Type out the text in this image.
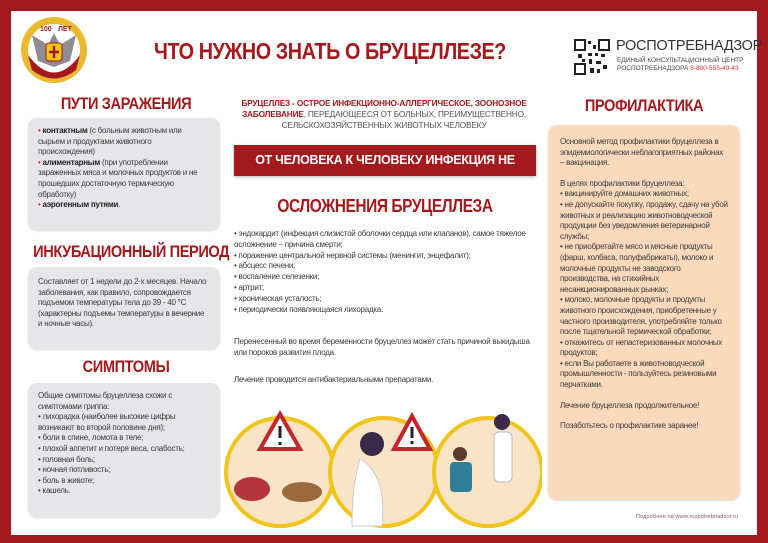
100 ЛЕТ
ЧТО НУЖНО ЗНАТЬ О БРУЦЕЛЛЕЗЕ?	РОСПОТРЕБНАДЗОР
ЕДИНЫЙ КОНСУЛЬТАЦИОННЫЙ ЦЕНТР
РОСПОТРЕБНАДЗОРА 8-800-555-49-43
ПУТИ ЗАРАЖЕНИЯ
• контактным (с больным животным или сырьем и продуктами животного происхождения)
• алиментарным (при употреблении зараженных мяса и молочных продуктов и не прошедших достаточную термическую обработку)
• аэрогенным путями.
ИНКУБАЦИОННЫЙ ПЕРИОД

Составляет от 1 недели до 2-х месяцев. Начало заболевания, как правило, сопровождается подъемом температуры тела до 39 - 40 °С (характерны подъемы температуры в вечерние и ночные часы).

СИМПТОМЫ

Общие симптомы бруцеллеза схожи с симптомами гриппа:

• лихорадка (наиболее высокие цифры возникают во второй половине дня);
• боли в спине, ломота в теле;
• плохой аппетит и потеря веса, слабость;
• головная боль;
• ночная потливость;
• боль в животе;
• кашель.
БРУЦЕЛЛЕЗ - ОСТРОЕ ИНФЕКЦИОННО-АЛЛЕРГИЧЕСКОЕ, ЗООНОЗНОЕ ЗАБОЛЕВАНИЕ, ПЕРЕДАЮЩЕЕСЯ ОТ БОЛЬНЫХ, ПРЕИМУЩЕСТВЕННО, СЕЛЬСКОХОЗЯЙСТВЕННЫХ ЖИВОТНЫХ ЧЕЛОВЕКУ
ОТ ЧЕЛОВЕКА К ЧЕЛОВЕКУ ИНФЕКЦИЯ НЕ ПЕРЕДАЁТСЯ
ОСЛОЖНЕНИЯ БРУЦЕЛЛЕЗА
• эндокардит (инфекция слизистой оболочки сердца или клапанов), самое тяжелое осложнение – причина смерти;
• поражение центральной нервной системы (менингит, энцефалит);
• абсцесс печени;
• воспаление селезенки;
• артрит;
• хроническая усталость;
• периодически появляющаяся лихорадка.

Перенесенный во время беременности бруцеллез может стать причиной выкидыша или пороков развития плода.

Лечение проводится антибактериальными препаратами.

ПРОФИЛАКТИКА

Основной метод профилактики бруцеллеза в эпидемиологически неблагоприятных районах – вакцинация.

В целях профилактики бруцеллеза:

• вакцинируйте домашних животных;
• не допускайте покупку, продажу, сдачу на убой животных и реализацию животноводческой продукции без уведомления ветеринарной службы;
• не приобретайте мясо и мясные продукты (фарш, колбаса, полуфабрикаты), молоко и молочные продукты не заводского производства, на стихийных несанкционированных рынках;
• молоко, молочные продукты и продукты животного происхождения, приобретенные у частного производителя, употребляйте только после тщательной термической обработки;
• откажитесь от непастеризованных молочных продуктов;
• если Вы работаете в животноводческой промышленности - пользуйтесь резиновыми перчатками.

Лечение бруцеллеза продолжительное!

Позаботьтесь о профилактике заранее!

Подробнее на www.rospotrebnadzor.ru
